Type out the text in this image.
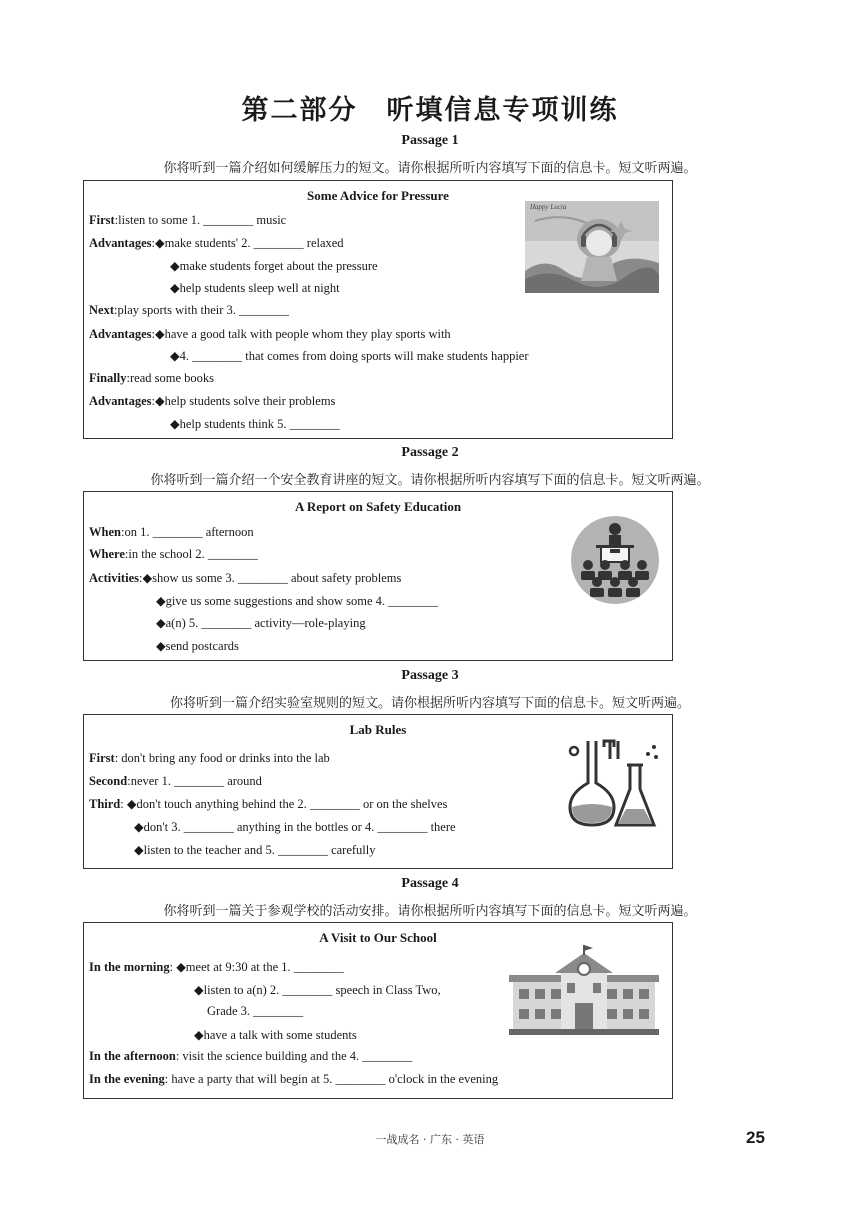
第二部分　听填信息专项训练
Passage 1
你将听到一篇介绍如何缓解压力的短文。请你根据所听内容填写下面的信息卡。短文听两遍。
Some Advice for Pressure
First:listen to some 1. ________ music
Advantages:◆make students' 2. ________ relaxed
◆make students forget about the pressure
◆help students sleep well at night
Next:play sports with their 3. ________
Advantages:◆have a good talk with people whom they play sports with
◆4. ________ that comes from doing sports will make students happier
Finally:read some books
Advantages:◆help students solve their problems
◆help students think 5. ________
Happy Lucia
Passage 2
你将听到一篇介绍一个安全教育讲座的短文。请你根据所听内容填写下面的信息卡。短文听两遍。
A Report on Safety Education
When:on 1. ________ afternoon
Where:in the school 2. ________
Activities:◆show us some 3. ________ about safety problems
◆give us some suggestions and show some 4. ________
◆a(n) 5. ________ activity—role-playing
◆send postcards
Passage 3
你将听到一篇介绍实验室规则的短文。请你根据所听内容填写下面的信息卡。短文听两遍。
Lab Rules
First: don't bring any food or drinks into the lab
Second:never 1. ________ around
Third: ◆don't touch anything behind the 2. ________ or on the shelves
◆don't 3. ________ anything in the bottles or 4. ________ there
◆listen to the teacher and 5. ________ carefully
Passage 4
你将听到一篇关于参观学校的活动安排。请你根据所听内容填写下面的信息卡。短文听两遍。
A Visit to Our School
In the morning: ◆meet at 9:30 at the 1. ________
◆listen to a(n) 2. ________ speech in Class Two,
Grade 3. ________
◆have a talk with some students
In the afternoon: visit the science building and the 4. ________
In the evening: have a party that will begin at 5. ________ o'clock in the evening
一战成名 · 广东 · 英语	25
